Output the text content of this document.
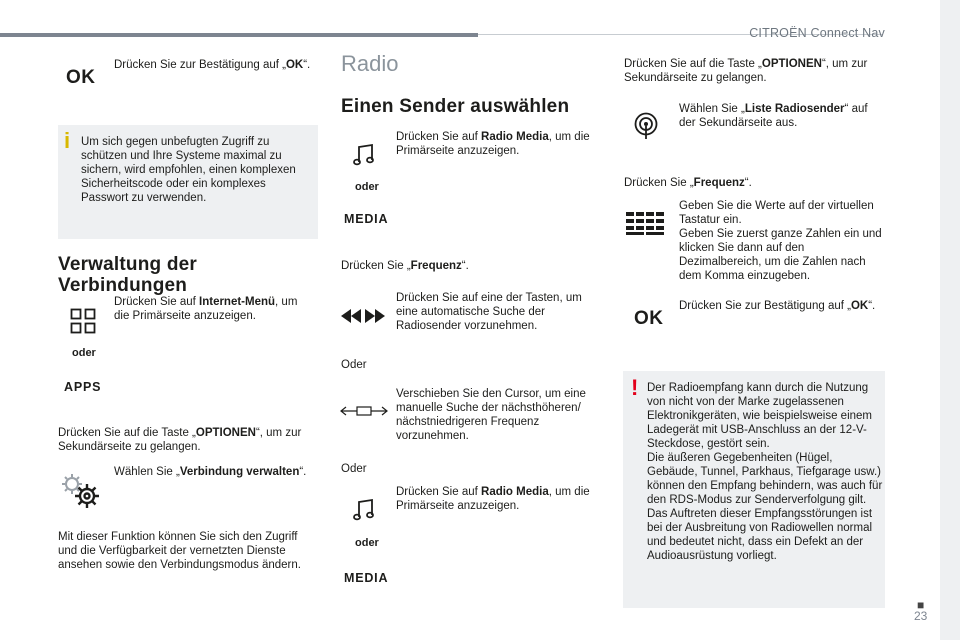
CITROËN Connect Nav
■
23
OK
Drücken Sie zur Bestätigung auf „OK“.
i Um sich gegen unbefugten Zugriff zu schützen und Ihre Systeme maximal zu sichern, wird empfohlen, einen komplexen Sicherheitscode oder ein komplexes Passwort zu verwenden.
Verwaltung der Verbindungen
Drücken Sie auf Internet-Menü, um die Primärseite anzuzeigen.
oder
APPS
Drücken Sie auf die Taste „OPTIONEN“, um zur Sekundärseite zu gelangen.
Wählen Sie „Verbindung verwalten“.
Mit dieser Funktion können Sie sich den Zugriff und die Verfügbarkeit der vernetzten Dienste ansehen sowie den Verbindungsmodus ändern.
Radio
Einen Sender auswählen
Drücken Sie auf Radio Media, um die Primärseite anzuzeigen.
oder
MEDIA
Drücken Sie „Frequenz“.
Drücken Sie auf eine der Tasten, um eine automatische Suche der Radiosender vorzunehmen.
Oder
Verschieben Sie den Cursor, um eine manuelle Suche der nächsthöheren/ nächstniedrigeren Frequenz vorzunehmen.
Oder
Drücken Sie auf Radio Media, um die Primärseite anzuzeigen.
oder
MEDIA
Drücken Sie auf die Taste „OPTIONEN“, um zur Sekundärseite zu gelangen.
Wählen Sie „Liste Radiosender“ auf der Sekundärseite aus.
Drücken Sie „Frequenz“.
Geben Sie die Werte auf der virtuellen Tastatur ein.
Geben Sie zuerst ganze Zahlen ein und klicken Sie dann auf den Dezimalbereich, um die Zahlen nach dem Komma einzugeben.
OK
Drücken Sie zur Bestätigung auf „OK“.
! Der Radioempfang kann durch die Nutzung von nicht von der Marke zugelassenen Elektronikgeräten, wie beispielsweise einem Ladegerät mit USB-Anschluss an der 12-V-Steckdose, gestört sein.
Die äußeren Gegebenheiten (Hügel, Gebäude, Tunnel, Parkhaus, Tiefgarage usw.) können den Empfang behindern, was auch für den RDS-Modus zur Senderverfolgung gilt. Das Auftreten dieser Empfangsstörungen ist bei der Ausbreitung von Radiowellen normal und bedeutet nicht, dass ein Defekt an der Audioausrüstung vorliegt.
